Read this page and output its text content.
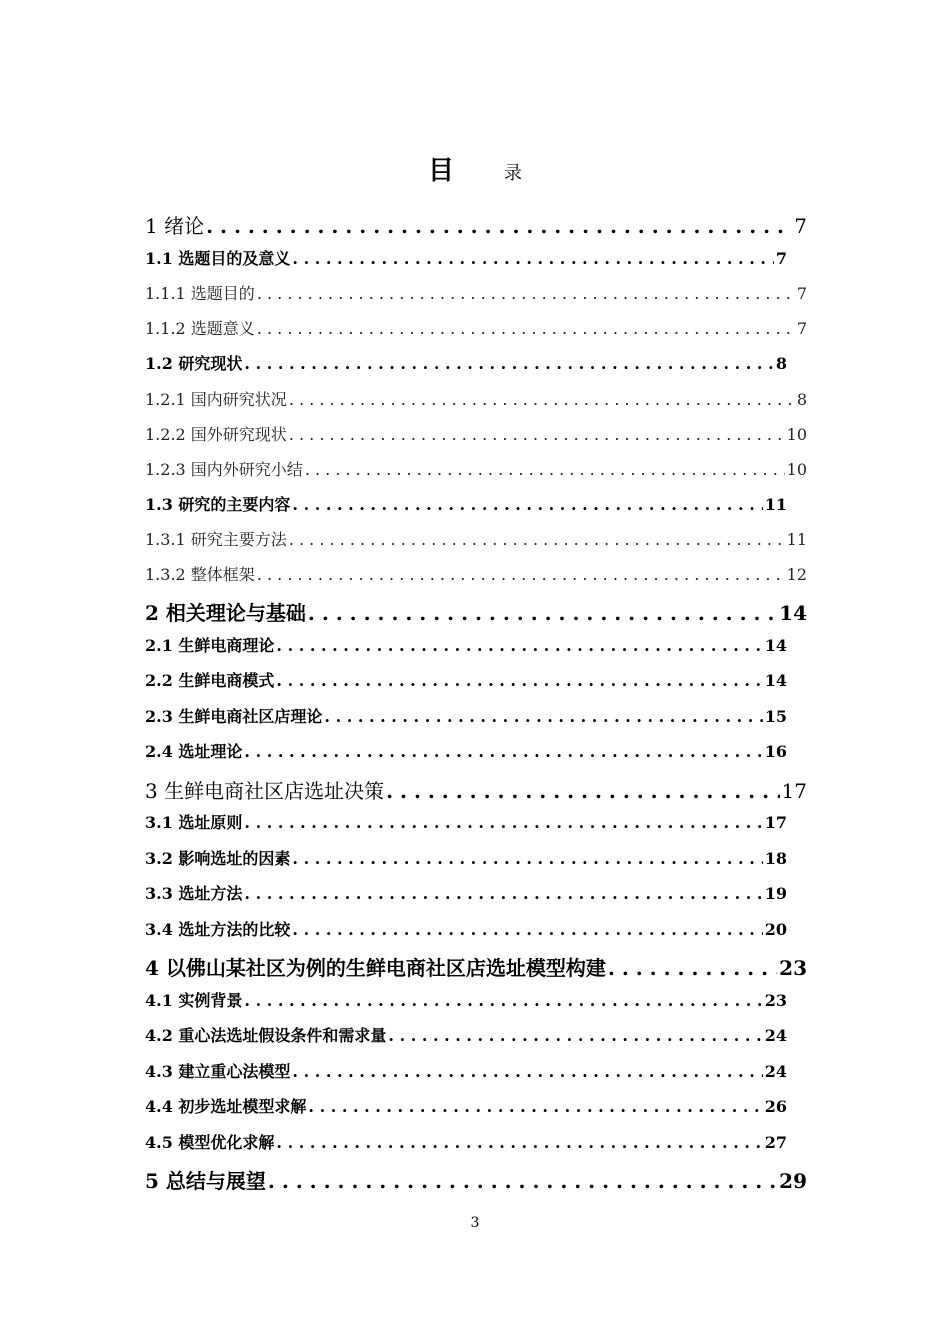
目	录
1 绪论 . . .	7
1.1 选题目的及意义 . . .	7
1.1.1 选题目的 . . .	7
1.1.2 选题意义 . . .	7
1.2 研究现状 . . .	8
1.2.1 国内研究状况 . . .	8
1.2.2 国外研究现状 . . .	10
1.2.3 国内外研究小结 . . .	10
1.3 研究的主要内容 . . .	11
1.3.1 研究主要方法 . . .	11
1.3.2 整体框架 . . .	12
2 相关理论与基础 . . .	14
2.1 生鲜电商理论 . . .	14
2.2 生鲜电商模式 . . .	14
2.3 生鲜电商社区店理论 . . .	15
2.4 选址理论 . . .	16
3 生鲜电商社区店选址决策 . . .	17
3.1 选址原则 . . .	17
3.2 影响选址的因素 . . .	18
3.3 选址方法 . . .	19
3.4 选址方法的比较 . . .	20
4 以佛山某社区为例的生鲜电商社区店选址模型构建 . . .	23
4.1 实例背景 . . .	23
4.2 重心法选址假设条件和需求量 . . .	24
4.3 建立重心法模型 . . .	24
4.4 初步选址模型求解 . . .	26
4.5 模型优化求解 . . .	27
5 总结与展望 . . .	29
3
